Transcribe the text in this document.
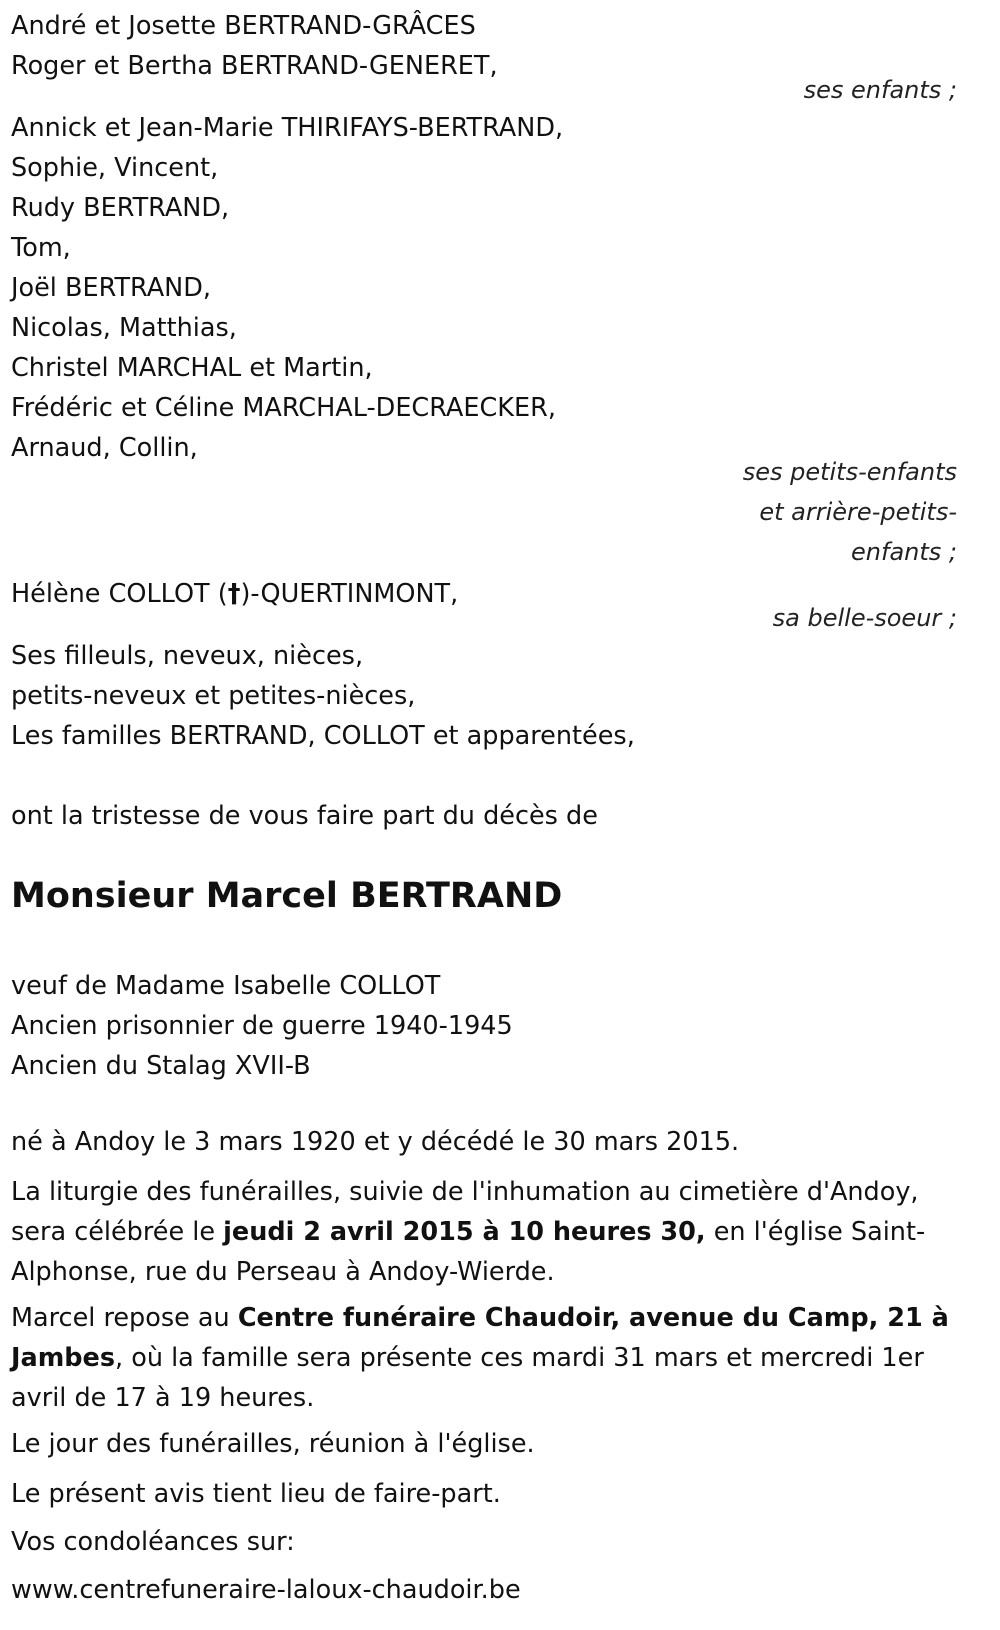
André et Josette BERTRAND-GRÂCES
Roger et Bertha BERTRAND-GENERET,
ses enfants ;
Annick et Jean-Marie THIRIFAYS-BERTRAND,
Sophie, Vincent,
Rudy BERTRAND,
Tom,
Joël BERTRAND,
Nicolas, Matthias,
Christel MARCHAL et Martin,
Frédéric et Céline MARCHAL-DECRAECKER,
Arnaud, Collin,
ses petits-enfants
et arrière-petits-
enfants ;
Hélène COLLOT (†)-QUERTINMONT,
sa belle-soeur ;
Ses filleuls, neveux, nièces,
petits-neveux et petites-nièces,
Les familles BERTRAND, COLLOT et apparentées,
ont la tristesse de vous faire part du décès de
Monsieur Marcel BERTRAND
veuf de Madame Isabelle COLLOT
Ancien prisonnier de guerre 1940-1945
Ancien du Stalag XVII-B
né à Andoy le 3 mars 1920 et y décédé le 30 mars 2015.
La liturgie des funérailles, suivie de l'inhumation au cimetière d'Andoy, sera célébrée le jeudi 2 avril 2015 à 10 heures 30, en l'église Saint-Alphonse, rue du Perseau à Andoy-Wierde.
Marcel repose au Centre funéraire Chaudoir, avenue du Camp, 21 à Jambes, où la famille sera présente ces mardi 31 mars et mercredi 1er avril de 17 à 19 heures.
Le jour des funérailles, réunion à l'église.
Le présent avis tient lieu de faire-part.
Vos condoléances sur:
www.centrefuneraire-laloux-chaudoir.be
